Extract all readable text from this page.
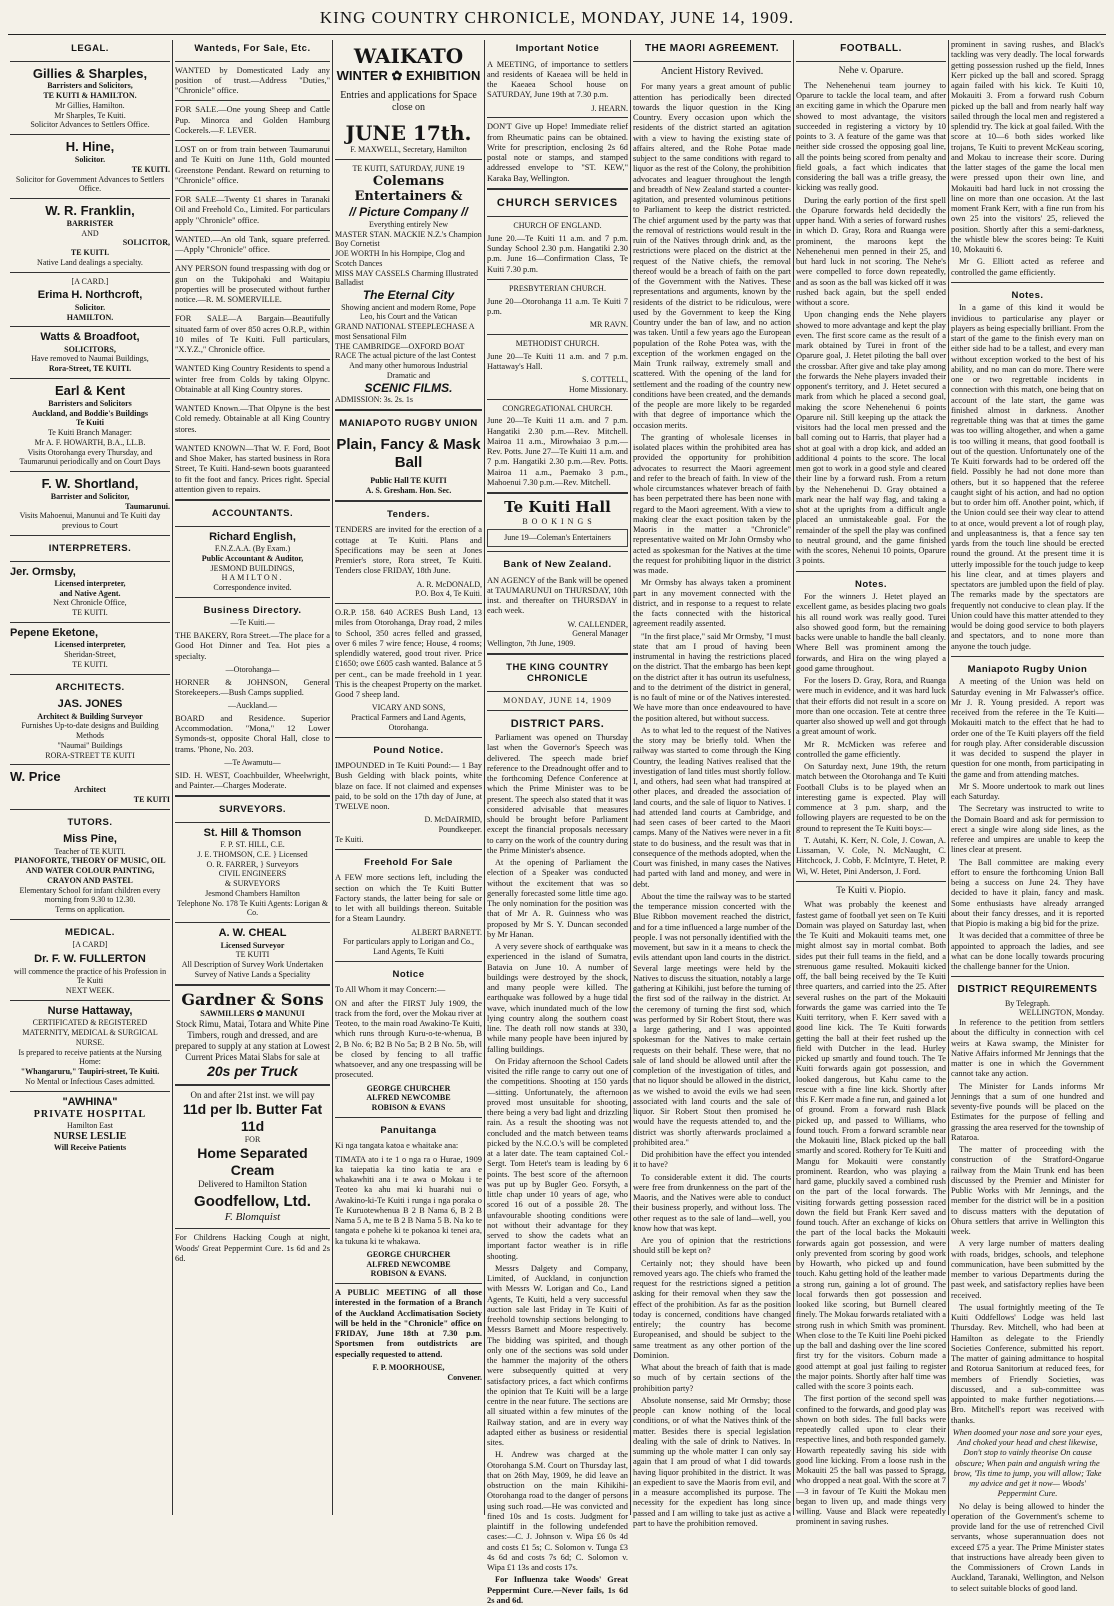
KING COUNTRY CHRONICLE, MONDAY, JUNE 14, 1909.
LEGAL.
Gillies & Sharples,
Barristers and Solicitors,
TE KUITI & HAMILTON.
Mr Gillies, Hamilton.
Mr Sharples, Te Kuiti.
Solicitor Advances to Settlers Office.
H. Hine,
Solicitor.
TE KUITI.
Solicitor for Government Advances to Settlers Office.
W. R. Franklin,
BARRISTER
AND
SOLICITOR,
TE KUITI.
Native Land dealings a specialty.
[A CARD.]
Erima H. Northcroft,
Solicitor.
HAMILTON.
Watts & Broadfoot,
SOLICITORS,
Have removed to Naumai Buildings,
Rora-Street, TE KUITI.
Earl & Kent
Barristers and Solicitors
Auckland, and Boddie's Buildings
Te Kuiti
Te Kuiti Branch Manager:
Mr A. F. HOWARTH, B.A., LL.B.
Visits Otorohanga every Thursday, and Taumarunui periodically and on Court Days
F. W. Shortland,
Barrister and Solicitor,
Taumarunui.
Visits Mahoenui, Manunui and Te Kuiti day previous to Court
INTERPRETERS.
Jer. Ormsby,
Licensed interpreter,
and Native Agent.
Next Chronicle Office,
TE KUITI.
Pepene Eketone,
Licensed interpreter,
Sheridan-Street,
TE KUITI.
ARCHITECTS.
JAS. JONES
Architect & Building Surveyor
Furnishes Up-to-date designs and Building Methods
"Naumai" Buildings
RORA-STREET TE KUITI
W. Price
Architect
TE KUITI
TUTORS.
Miss Pine,
Teacher of TE KUITI.
PIANOFORTE, THEORY OF MUSIC, OIL AND WATER COLOUR PAINTING, CRAYON AND PASTEL
Elementary School for infant children every morning from 9.30 to 12.30.
Terms on application.
MEDICAL.
[A CARD]
Dr. F. W. FULLERTON
will commence the practice of his Profession in Te Kuiti
NEXT WEEK.
Nurse Hattaway,
CERTIFICATED & REGISTERED
MATERNITY, MEDICAL & SURGICAL NURSE.
Is prepared to receive patients at the Nursing Home:
"Whangaruru," Taupiri-street, Te Kuiti.
No Mental or Infectious Cases admitted.
"AWHINA"
PRIVATE HOSPITAL
Hamilton East
NURSE LESLIE
Will Receive Patients
Wanteds, For Sale, Etc.
WANTED by Domesticated Lady any position of trust.—Address "Duties," "Chronicle" office.
FOR SALE.—One young Sheep and Cattle Pup. Minorca and Golden Hamburg Cockerels.—F. LEVER.
LOST on or from train between Taumarunui and Te Kuiti on June 11th, Gold mounted Greenstone Pendant. Reward on returning to "Chronicle" office.
FOR SALE—Twenty £1 shares in Taranaki Oil and Freehold Co., Limited. For particulars apply "Chronicle" office.
WANTED.—An old Tank, square preferred.—Apply "Chronicle" office.
ANY PERSON found trespassing with dog or gun on the Tukipohaki and Waitapiu properties will be prosecuted without further notice.—R. M. SOMERVILLE.
FOR SALE—A Bargain—Beautifully situated farm of over 850 acres O.R.P., within 10 miles of Te Kuiti. Full particulars, "X.Y.Z.," Chronicle office.
WANTED King Country Residents to spend a winter free from Colds by taking Olpync. Obtainable at all King Country stores.
WANTED Known.—That Olpyne is the best Cold remedy. Obtainable at all King Country stores.
WANTED KNOWN—That W. F. Ford, Boot and Shoe Maker, has started business in Rora Street, Te Kuiti. Hand-sewn boots guaranteed to fit the foot and fancy. Prices right. Special attention given to repairs.
ACCOUNTANTS.
Richard English,
F.N.Z.A.A. (By Exam.)
Public Accountant & Auditor,
JESMOND BUILDINGS,
HAMILTON.
Correspondence invited.
Business Directory.
—Te Kuiti.—
THE BAKERY, Rora Street.—The place for a Good Hot Dinner and Tea. Hot pies a specialty.
—Otorohanga—
HORNER & JOHNSON, General Storekeepers.—Bush Camps supplied.
—Auckland.—
BOARD and Residence. Superior Accommodation. "Mona," 12 Lower Symonds-st, opposite Choral Hall, close to trams. 'Phone, No. 203.
—Te Awamutu—
SID. H. WEST, Coachbuilder, Wheelwright, and Painter.—Charges Moderate.
SURVEYORS.
St. Hill & Thomson
F. P. ST. HILL, C.E.
J. E. THOMSON, C.E. } Licensed
O. R. FARRER, } Surveyors
CIVIL ENGINEERS
& SURVEYORS
Jesmond Chambers Hamilton
Telephone No. 178 Te Kuiti Agents: Lorigan & Co.
A. W. CHEAL
Licensed Surveyor
TE KUITI
All Description of Survey Work Undertaken
Survey of Native Lands a Speciality
Gardner & Sons
SAWMILLERS ✿ MANUNUI
Stock Rimu, Matai, Totara and White Pine Timbers, rough and dressed, and are prepared to supply at any station at Lowest Current Prices Matai Slabs for sale at
20s per Truck
On and after 21st inst. we will pay
11d per lb. Butter Fat 11d
FOR
Home Separated Cream
Delivered to Hamilton Station
Goodfellow, Ltd.
F. Blomquist
For Childrens Hacking Cough at night, Woods' Great Peppermint Cure. 1s 6d and 2s 6d.
WAIKATO
WINTER ✿ EXHIBITION
Entries and applications for Space close on
JUNE 17th.
F. MAXWELL, Secretary, Hamilton
TE KUITI, SATURDAY, JUNE 19
Colemans Entertainers &
// Picture Company //
Everything entirely New
MASTER STAN. MACKIE N.Z.'s Champion Boy Cornetist
JOE WORTH In his Hornpipe, Clog and Scotch Dances
MISS MAY CASSELS Charming Illustrated Balladist
The Eternal City
Showing ancient and modern Rome, Pope Leo, his Court and the Vatican
GRAND NATIONAL STEEPLECHASE A most Sensational Film
THE CAMBRIDGE—OXFORD BOAT RACE The actual picture of the last Contest
And many other humorous Industrial Dramatic and
SCENIC FILMS.
ADMISSION: 3s. 2s. 1s
MANIAPOTO RUGBY UNION
Plain, Fancy & Mask Ball
Public Hall TE KUITI
A. S. Gresham. Hon. Sec.
Tenders.
TENDERS are invited for the erection of a cottage at Te Kuiti. Plans and Specifications may be seen at Jones Premier's store, Rora street, Te Kuiti. Tenders close FRIDAY, 18th June.
A. R. McDONALD,
P.O. Box 4, Te Kuiti.
O.R.P. 158. 640 ACRES Bush Land, 13 miles from Otorohanga, Dray road, 2 miles to School, 350 acres felled and grassed, over 6 miles 7 wire fence; House, 4 rooms; splendidly watered, good trout river. Price £1650; owe £605 cash wanted. Balance at 5 per cent., can be made freehold in 1 year. This is the cheapest Property on the market. Good 7 sheep land.
VICARY AND SONS,
Practical Farmers and Land Agents, Otorohanga.
Pound Notice.
IMPOUNDED in Te Kuiti Pound:— 1 Bay Bush Gelding with black points, white blaze on face. If not claimed and expenses paid, to be sold on the 17th day of June, at TWELVE noon.
D. McDAIRMID,
Poundkeeper.
Te Kuiti.
Freehold For Sale
A FEW more sections left, including the section on which the Te Kuiti Butter Factory stands, the latter being for sale or to let with all buildings thereon. Suitable for a Steam Laundry.
ALBERT BARNETT.
For particulars apply to Lorigan and Co., Land Agents, Te Kuiti
Notice
To All Whom it may Concern:—
ON and after the FIRST July 1909, the track from the ford, over the Mokau river at Teoteo, to the main road Awakino-Te Kuiti, which runs through Kuru-o-te-whenua, B 2, B No. 6; B2 B No 5a; B 2 B No. 5b, will be closed by fencing to all traffic whatsoever, and any one trespassing will be prosecuted.
GEORGE CHURCHER
ALFRED NEWCOMBE
ROBISON & EVANS
Panuitanga
Ki nga tangata katoa e whaitake ana:
TIMATA ato i te 1 o nga ra o Hurae, 1909 ka taiepatia ka tino katia te ara e whakawhiti ana i te awa o Mokau i te Teoteo ka ahu mai ki huarahi nui o Awakino-ki-Te Kuiti i runga i nga poraka o Te Kuruotewhenua B 2 B Nama 6, B 2 B Nama 5 A, me te B 2 B Nama 5 B. Na ko te tangata e pohehe ki te pokanoa ki tenei ara, ka tukuna ki te whakawa.
GEORGE CHURCHER
ALFRED NEWCOMBE
ROBISON & EVANS.
A PUBLIC MEETING of all those interested in the formation of a Branch of the Auckland Acclimatisation Society will be held in the "Chronicle" office on FRIDAY, June 18th at 7.30 p.m. Sportsmen from outdistricts are especially requested to attend.
F. P. MOORHOUSE,
Convener.
Important Notice
A MEETING, of importance to settlers and residents of Kaeaea will be held in the Kaeaea School house on SATURDAY, June 19th at 7.30 p.m.
J. HEARN.
DON'T Give up Hope! Immediate relief from Rheumatic pains can be obtained. Write for prescription, enclosing 2s 6d postal note or stamps, and stamped addressed envelope to "ST. KEW," Karaka Bay, Wellington.
CHURCH SERVICES
CHURCH OF ENGLAND.
June 20.—Te Kuiti 11 a.m. and 7 p.m. Sunday School 2.30 p.m. Hangatiki 2.30 p.m. June 16—Confirmation Class, Te Kuiti 7.30 p.m.
PRESBYTERIAN CHURCH.
June 20—Otorohanga 11 a.m. Te Kuiti 7 p.m.
MR RAVN.
METHODIST CHURCH.
June 20—Te Kuiti 11 a.m. and 7 p.m. Hattaway's Hall.
S. COTTELL,
Home Missionary.
CONGREGATIONAL CHURCH.
June 20—Te Kuiti 11 a.m. and 7 p.m. Hangatiki 2.30 p.m.—Rev. Mitchell. Mairoa 11 a.m., Mirowhaiao 3 p.m.—Rev. Potts. June 27—Te Kuiti 11 a.m. and 7 p.m. Hangatiki 2.30 p.m.—Rev. Potts. Mairoa 11 a.m., Paemako 3 p.m., Mahoenui 7.30 p.m.—Rev. Mitchell.
Te Kuiti Hall
B O O K I N G S
June 19—Coleman's Entertainers
Bank of New Zealand.
AN AGENCY of the Bank will be opened at TAUMARUNUI on THURSDAY, 10th inst. and thereafter on THURSDAY in each week.
W. CALLENDER,
General Manager
Wellington, 7th June, 1909.
THE KING COUNTRY CHRONICLE
MONDAY, JUNE 14, 1909
DISTRICT PARS.

Parliament was opened on Thursday last when the Governor's Speech was delivered. The speech made brief reference to the Dreadnought offer and to the forthcoming Defence Conference at which the Prime Minister was to be present. The speech also stated that it was considered advisable that measures should be brought before Parliament except the financial proposals necessary to carry on the work of the country during the Prime Minister's absence.

At the opening of Parliament the election of a Speaker was conducted without the excitement that was so generally forecasted some little time ago. The only nomination for the position was that of Mr A. R. Guinness who was proposed by Mr S. Y. Duncan seconded by Mr Hanan.

A very severe shock of earthquake was experienced in the island of Sumatra, Batavia on June 10. A number of buildings were destroyed by the shock, and many people were killed. The earthquake was followed by a huge tidal wave, which inundated much of the low lying country along the southern coast line. The death roll now stands at 330, while many people have been injured by falling buildings.

On Friday afternoon the School Cadets visited the rifle range to carry out one of the competitions. Shooting at 150 yards—sitting. Unfortunately, the afternoon proved most unsuitable for shooting, there being a very bad light and drizzling rain. As a result the shooting was not concluded and the match between teams picked by the N.C.O.'s will be completed at a later date. The team captained Col.-Sergt. Tom Hetet's team is leading by 6 points. The best score of the afternoon was put up by Bugler Geo. Forsyth, a little chap under 10 years of age, who scored 16 out of a possible 28. The unfavourable shooting conditions were not without their advantage for they served to show the cadets what an important factor weather is in rifle shooting.

Messrs Dalgety and Company, Limited, of Auckland, in conjunction with Messrs W. Lorigan and Co., Land Agents, Te Kuiti, held a very successful auction sale last Friday in Te Kuiti of freehold township sections belonging to Messrs Barnett and Moore respectively. The bidding was spirited, and though only one of the sections was sold under the hammer the majority of the others were subsequently quitted at very satisfactory prices, a fact which confirms the opinion that Te Kuiti will be a large centre in the near future. The sections are all situated within a few minutes of the Railway station, and are in every way adapted either as business or residential sites.

H. Andrew was charged at the Otorohanga S.M. Court on Thursday last, that on 26th May, 1909, he did leave an obstruction on the main Kihikihi-Otorohanga road to the danger of persons using such road.—He was convicted and fined 10s and 1s costs. Judgment for plaintiff in the following undefended cases:—C. J. Johnson v. Wipa £6 0s 4d and costs £1 5s; C. Solomon v. Tunga £3 4s 6d and costs 7s 6d; C. Solomon v. Wipa £1 13s and costs 17s.

For Influenza take Woods' Great Peppermint Cure.—Never fails, 1s 6d 2s and 6d.

THE MAORI AGREEMENT.
Ancient History Revived.

For many years a great amount of public attention has periodically been directed towards the liquor question in the King Country. Every occasion upon which the residents of the district started an agitation with a view to having the existing state of affairs altered, and the Rohe Potae made subject to the same conditions with regard to liquor as the rest of the Colony, the prohibition advocates and leaguer throughout the length and breadth of New Zealand started a counter-agitation, and presented voluminous petitions to Parliament to keep the district restricted. The chief argument used by the party was that the removal of restrictions would result in the ruin of the Natives through drink and, as the restrictions were placed on the district at the request of the Native chiefs, the removal thereof would be a breach of faith on the part of the Government with the Natives. These representations and arguments, known by the residents of the district to be ridiculous, were used by the Government to keep the King Country under the ban of law, and no action was taken. Until a few years ago the European population of the Rohe Potea was, with the exception of the workmen engaged on the Main Trunk railway, extremely small and scattered. With the opening of the land for settlement and the roading of the country new conditions have been created, and the demands of the people are more likely to be regarded with that degree of importance which the occasion merits.

The granting of wholesale licenses in isolated places within the prohibited area has provided the opportunity for prohibition advocates to resurrect the Maori agreement and refer to the breach of faith. In view of the whole circumstances whatever breach of faith has been perpetrated there has been none with regard to the Maori agreement. With a view to making clear the exact position taken by the Maoris in the matter a "Chronicle" representative waited on Mr John Ormsby who acted as spokesman for the Natives at the time the request for prohibiting liquor in the district was made.

Mr Ormsby has always taken a prominent part in any movement connected with the district, and in response to a request to relate the facts connected with the historical agreement readily assented.

"In the first place," said Mr Ormsby, "I must state that am I proud of having been instrumental in having the restrictions placed on the district. That the embargo has been kept on the district after it has outrun its usefulness, and to the detriment of the district in general, is no fault of mine or of the Natives interested. We have more than once endeavoured to have the position altered, but without success.

As to what led to the request of the Natives the story may be briefly told. When the railway was started to come through the King Country, the leading Natives realised that the investigation of land titles must shortly follow. I, and others, had seen what had transpired at other places, and dreaded the association of land courts, and the sale of liquor to Natives. I had attended land courts at Cambridge, and had seen cases of beer carted to the Maori camps. Many of the Natives were never in a fit state to do business, and the result was that in consequence of the methods adopted, when the Court was finished, in many cases the Natives had parted with land and money, and were in debt.

About the time the railway was to be started the temperance mission concerted with the Blue Ribbon movement reached the district, and for a time influenced a large number of the people. I was not personally identified with the movement, but saw in it a means to check the evils attendant upon land courts in the district. Several large meetings were held by the Natives to discuss the situation, notably a large gathering at Kihikihi, just before the turning of the first sod of the railway in the district. At the ceremony of turning the first sod, which was performed by Sir Robert Stout, there was a large gathering, and I was appointed spokesman for the Natives to make certain requests on their behalf. These were, that no sale of land should be allowed until after the completion of the investigation of titles, and that no liquor should be allowed in the district, as we wished to avoid the evils we had seen associated with land courts and the sale of liquor. Sir Robert Stout then promised he would have the requests attended to, and the district was shortly afterwards proclaimed a prohibited area."

Did prohibition have the effect you intended it to have?

To considerable extent it did. The courts were free from drunkenness on the part of the Maoris, and the Natives were able to conduct their business properly, and without loss. The other request as to the sale of land—well, you know how that was kept.

Are you of opinion that the restrictions should still be kept on?

Certainly not; they should have been removed years ago. The chiefs who framed the request for the restrictions signed a petition asking for their removal when they saw the effect of the prohibition. As far as the position today is concerned, conditions have changed entirely; the country has become Europeanised, and should be subject to the same treatment as any other portion of the Dominion.

What about the breach of faith that is made so much of by certain sections of the prohibition party?

Absolute nonsense, said Mr Ormsby; those people can know nothing of the local conditions, or of what the Natives think of the matter. Besides there is special legislation dealing with the sale of drink to Natives. In summing up the whole matter I can only say again that I am proud of what I did towards having liquor prohibited in the district. It was an expedient to save the Maoris from evil, and in a measure accomplished its purpose. The necessity for the expedient has long since passed and I am willing to take just as active a part to have the prohibition removed.

FOOTBALL.
Nehe v. Oparure.

The Nehenehenui team journey to Oparure to tackle the local team, and after an exciting game in which the Oparure men showed to most advantage, the visitors succeeded in registering a victory by 10 points to 3. A feature of the game was that neither side crossed the opposing goal line, all the points being scored from penalty and field goals, a fact which indicates that considering the ball was a trifle greasy, the kicking was really good.

During the early portion of the first spell the Oparure forwards held decidedly the upper hand. With a series of forward rushes in which D. Gray, Rora and Ruanga were prominent, the maroons kept the Nehenehenui men penned in their 25, and but hard luck in not scoring. The Nehe's were compelled to force down repeatedly, and as soon as the ball was kicked off it was rushed back again, but the spell ended without a score.

Upon changing ends the Nehe players showed to more advantage and kept the play even. The first score came as the result of a mark obtained by Turei in front of the Oparure goal, J. Hetet piloting the ball over the crossbar. After give and take play among the forwards the Nehe players invaded their opponent's territory, and J. Hetet secured a mark from which he placed a second goal, making the score Nehenehenui 6 points Oparure nil. Still keeping up the attack the visitors had the local men pressed and the ball coming out to Harris, that player had a shot at goal with a drop kick, and added an additional 4 points to the score. The local men got to work in a good style and cleared their line by a forward rush. From a return by the Nehenehenui D. Gray obtained a mark near the half way flag, and taking a shot at the uprights from a difficult angle placed an unmistakeable goal. For the remainder of the spell the play was confined to neutral ground, and the game finished with the scores, Nehenui 10 points, Oparure 3 points.

Notes.

For the winners J. Hetet played an excellent game, as besides placing two goals his all round work was really good. Turei also showed good form, but the remaining backs were unable to handle the ball cleanly. Where Bell was prominent among the forwards, and Hira on the wing played a good game throughout.

For the losers D. Gray, Rora, and Ruanga were much in evidence, and it was hard luck that their efforts did not result in a score on more than one occasion. Tete at centre three quarter also showed up well and got through a great amount of work.

Mr R. McMicken was referee and controlled the game efficiently.

On Saturday next, June 19th, the return match between the Otorohanga and Te Kuiti Football Clubs is to be played when an interesting game is expected. Play will commence at 3 p.m. sharp, and the following players are requested to be on the ground to represent the Te Kuiti boys:—

T. Autahi, K. Kerr, N. Cole, J. Cowan, A. Lissaman, V. Cole, N. McNaught, C. Hitchcock, J. Cobb, F. McIntyre, T. Hetet, P. Wi, W. Hetet, Pini Anderson, J. Ford.

Te Kuiti v. Piopio.

What was probably the keenest and fastest game of football yet seen on Te Kuiti Domain was played on Saturday last, when the Te Kuiti and Mokauiti teams met, one might almost say in mortal combat. Both sides put their full teams in the field, and a strenuous game resulted. Mokauiti kicked off, the ball being received by the Te Kuiti three quarters, and carried into the 25. After several rushes on the part of the Mokauiti forwards the game was carried into the Te Kuiti territory, when F. Kerr saved with a good line kick. The Te Kuiti forwards getting the ball at their feet rushed up the field with Dutcher in the lead. Hurley picked up smartly and found touch. The Te Kuiti forwards again got possession, and looked dangerous, but Kahu came to the rescue with a fine line kick. Shortly after this F. Kerr made a fine run, and gained a lot of ground. From a forward rush Black picked up, and passed to Williams, who found touch. From a forward scramble near the Mokauiti line, Black picked up the ball smartly and scored. Rothery for Te Kuiti and Mangu for Mokauiti were constantly prominent. Reardon, who was playing a hard game, pluckily saved a combined rush on the part of the local forwards. The visiting forwards getting possession raced down the field but Frank Kerr saved and found touch. After an exchange of kicks on the part of the local backs the Mokauiti forwards again got possession, and were only prevented from scoring by good work by Howarth, who picked up and found touch. Kahu getting hold of the leather made a strong run, gaining a lot of ground. The local forwards then got possession and looked like scoring, but Burnell cleared finely. The Mokau forwards retaliated with a strong rush in which Smith was prominent. When close to the Te Kuiti line Poehi picked up the ball and dashing over the line scored first try for the visitors. Coburn made a good attempt at goal just failing to register the major points. Shortly after half time was called with the score 3 points each.

The first portion of the second spell was confined to the forwards, and good play was shown on both sides. The full backs were repeatedly called upon to clear their respective lines, and both responded gamely. Howarth repeatedly saving his side with good line kicking. From a loose rush in the Mokauiti 25 the ball was passed to Spragg, who dropped a neat goal. With the score at 7—3 in favour of Te Kuiti the Mokau men began to liven up, and made things very willing. Vause and Black were repeatedly prominent in saving rushes.

prominent in saving rushes, and Black's tackling was very deadly. The local forwards getting possession rushed up the field, Innes Kerr picked up the ball and scored. Spragg again failed with his kick. Te Kuiti 10, Mokauiti 3. From a forward rush Coburn picked up the ball and from nearly half way sailed through the local men and registered a splendid try. The kick at goal failed. With the score at 10—6 both sides worked like trojans, Te Kuiti to prevent McKeau scoring, and Mokau to increase their score. During the latter stages of the game the local men were pressed upon their own line, and Mokauiti bad hard luck in not crossing the line on more than one occasion. At the last moment Frank Kerr, with a fine run from his own 25 into the visitors' 25, relieved the position. Shortly after this a semi-darkness, the whistle blew the scores being: Te Kuiti 10, Mokauiti 6.

Mr G. Elliott acted as referee and controlled the game efficiently.

Notes.

In a game of this kind it would be invidious to particularise any player or players as being especially brilliant. From the start of the game to the finish every man on either side had to be a tallest, and every man without exception worked to the best of his ability, and no man can do more. There were one or two regrettable incidents in connection with this match, one being that on account of the late start, the game was finished almost in darkness. Another regrettable thing was that at times the game was too willing altogether, and when a game is too willing it means, that good football is out of the question. Unfortunately one of the Te Kuiti forwards had to be ordered off the field. Possibly he had not done more than others, but it so happened that the referee caught sight of his action, and had no option but to order him off. Another point, which, if the Union could see their way clear to attend to at once, would prevent a lot of rough play, and unpleasantness is, that a fence say ten yards from the touch line should be erected round the ground. At the present time it is utterly impossible for the touch judge to keep his line clear, and at times players and spectators are jumbled upon the field of play. The remarks made by the spectators are frequently not conducive to clean play. If the Union could have this matter attended to they would be doing good service to both players and spectators, and to none more than anyone the touch judge.

Maniapoto Rugby Union

A meeting of the Union was held on Saturday evening in Mr Falwasser's office. Mr J. R. Young presided. A report was received from the referee in the Te Kuiti—Mokauiti match to the effect that he had to order one of the Te Kuiti players off the field for rough play. After considerable discussion it was decided to suspend the player in question for one month, from participating in the game and from attending matches.

Mr S. Moore undertook to mark out lines each Saturday.

The Secretary was instructed to write to the Domain Board and ask for permission to erect a single wire along side lines, as the referee and umpires are unable to keep the lines clear at present.

The Ball committee are making every effort to ensure the forthcoming Union Ball being a success on June 24. They have decided to have it plain, fancy and mask. Some enthusiasts have already arranged about their fancy dresses, and it is reported that Piopio is making a big bid for the prize.

It was decided that a committee of three be appointed to approach the ladies, and see what can be done locally towards procuring the challenge banner for the Union.

DISTRICT REQUIREMENTS
By Telegraph.
WELLINGTON, Monday.

In reference to the petition from settlers about the difficulty in connection with cel weirs at Kawa swamp, the Minister for Native Affairs informed Mr Jennings that the matter is one in which the Government cannot take any action.

The Minister for Lands informs Mr Jennings that a sum of one hundred and seventy-five pounds will be placed on the Estimates for the purpose of felling and grassing the area reserved for the township of Rataroa.

The matter of proceeding with the construction of the Stratford-Ongarue railway from the Main Trunk end has been discussed by the Premier and Minister for Public Works with Mr Jennings, and the member for the district will be in a position to discuss matters with the deputation of Ohura settlers that arrive in Wellington this week.

A very large number of matters dealing with roads, bridges, schools, and telephone communication, have been submitted by the member to various Departments during the past week, and satisfactory replies have been received.

The usual fortnightly meeting of the Te Kuiti Oddfellows' Lodge was held last Thursday. Rev. Mitchell, who had been at Hamilton as delegate to the Friendly Societies Conference, submitted his report. The matter of gaining admittance to hospital and Rotorua Sanitorium at reduced fees, for members of Friendly Societies, was discussed, and a sub-committee was appointed to make further negotiations.—Bro. Mitchell's report was received with thanks.

When doomed your nose and sore your eyes, And choked your head and chest likewise, Don't stop to vainly theorise On cause obscure; When pain and anguish wring the brow, 'Tis time to jump, you will allow; Take my advice and get it now— Woods' Peppermint Cure.

No delay is being allowed to hinder the operation of the Government's scheme to provide land for the use of retrenched Civil servants, whose superannuation does not exceed £75 a year. The Prime Minister states that instructions have already been given to the Commissioners of Crown Lands in Auckland, Taranaki, Wellington, and Nelson to select suitable blocks of good land.
